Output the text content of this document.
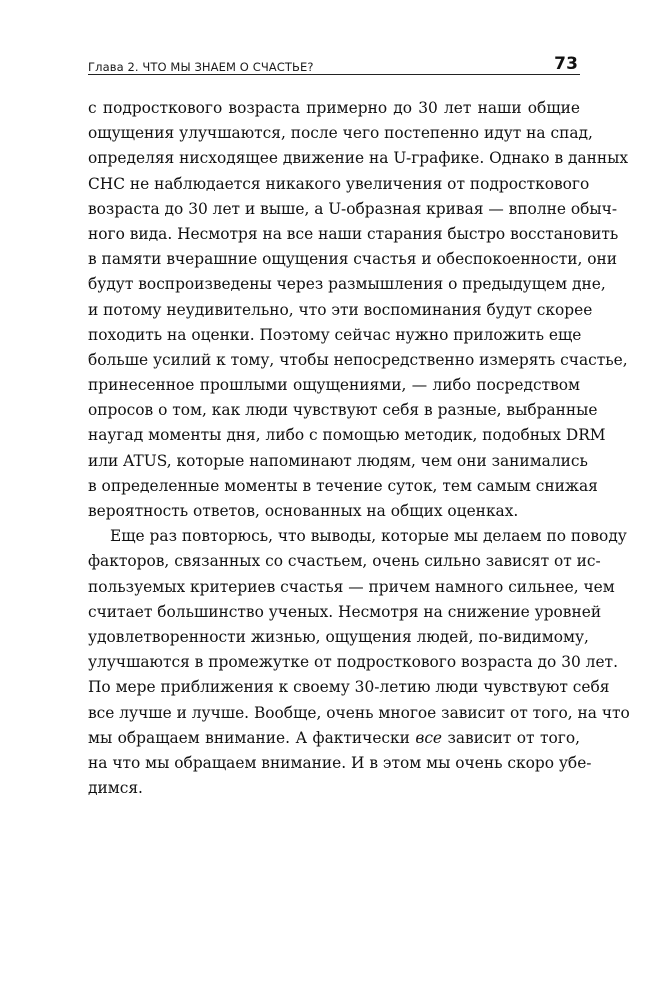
Глава 2. ЧТО МЫ ЗНАЕМ О СЧАСТЬЕ?	73
с подросткового возраста примерно до 30 лет наши общие
ощущения улучшаются, после чего постепенно идут на спад,
определяя нисходящее движение на U-графике. Однако в данных
СНС не наблюдается никакого увеличения от подросткового
возраста до 30 лет и выше, а U-образная кривая — вполне обыч-
ного вида. Несмотря на все наши старания быстро восстановить
в памяти вчерашние ощущения счастья и обеспокоенности, они
будут воспроизведены через размышления о предыдущем дне,
и потому неудивительно, что эти воспоминания будут скорее
походить на оценки. Поэтому сейчас нужно приложить еще
больше усилий к тому, чтобы непосредственно измерять счастье,
принесенное прошлыми ощущениями, — либо посредством
опросов о том, как люди чувствуют себя в разные, выбранные
наугад моменты дня, либо с помощью методик, подобных DRM
или ATUS, которые напоминают людям, чем они занимались
в определенные моменты в течение суток, тем самым снижая
вероятность ответов, основанных на общих оценках.
Еще раз повторюсь, что выводы, которые мы делаем по поводу
факторов, связанных со счастьем, очень сильно зависят от ис-
пользуемых критериев счастья — причем намного сильнее, чем
считает большинство ученых. Несмотря на снижение уровней
удовлетворенности жизнью, ощущения людей, по-видимому,
улучшаются в промежутке от подросткового возраста до 30 лет.
По мере приближения к своему 30-летию люди чувствуют себя
все лучше и лучше. Вообще, очень многое зависит от того, на что
мы обращаем внимание. А фактически все зависит от того,
на что мы обращаем внимание. И в этом мы очень скоро убе-
димся.
